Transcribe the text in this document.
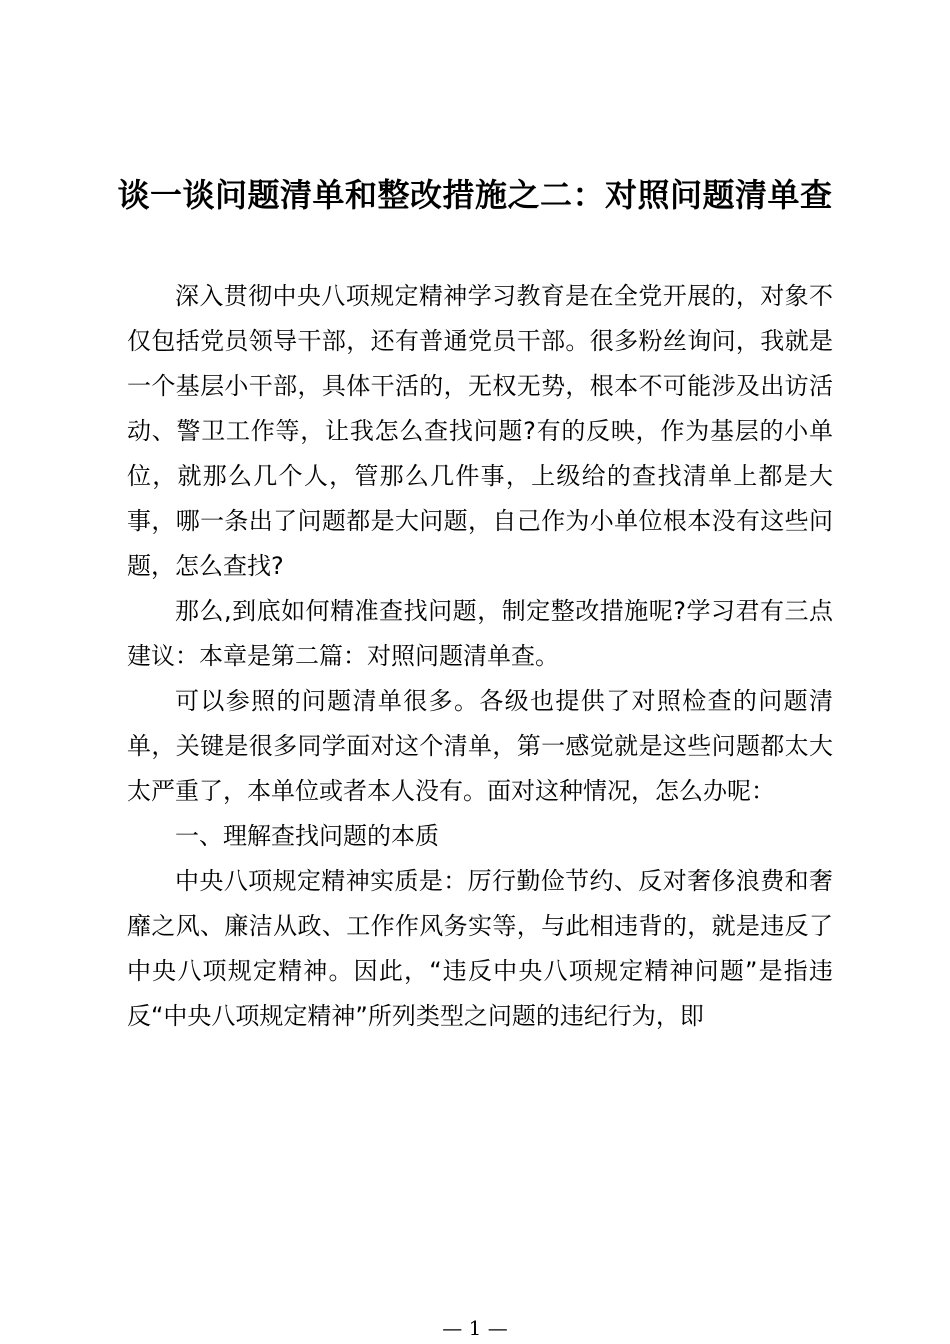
谈一谈问题清单和整改措施之二：对照问题清单查

深入贯彻中央八项规定精神学习教育是在全党开展的，对象不仅包括党员领导干部，还有普通党员干部。很多粉丝询问，我就是一个基层小干部，具体干活的，无权无势，根本不可能涉及出访活动、警卫工作等，让我怎么查找问题?有的反映，作为基层的小单位，就那么几个人，管那么几件事，上级给的查找清单上都是大事，哪一条出了问题都是大问题，自己作为小单位根本没有这些问题，怎么查找?

那么,到底如何精准查找问题，制定整改措施呢?学习君有三点建议：本章是第二篇：对照问题清单查。

可以参照的问题清单很多。各级也提供了对照检查的问题清单，关键是很多同学面对这个清单，第一感觉就是这些问题都太大太严重了，本单位或者本人没有。面对这种情况，怎么办呢：

一、理解查找问题的本质

中央八项规定精神实质是：厉行勤俭节约、反对奢侈浪费和奢靡之风、廉洁从政、工作作风务实等，与此相违背的，就是违反了中央八项规定精神。因此，“违反中央八项规定精神问题”是指违反“中央八项规定精神”所列类型之问题的违纪行为，即

— 1 —
